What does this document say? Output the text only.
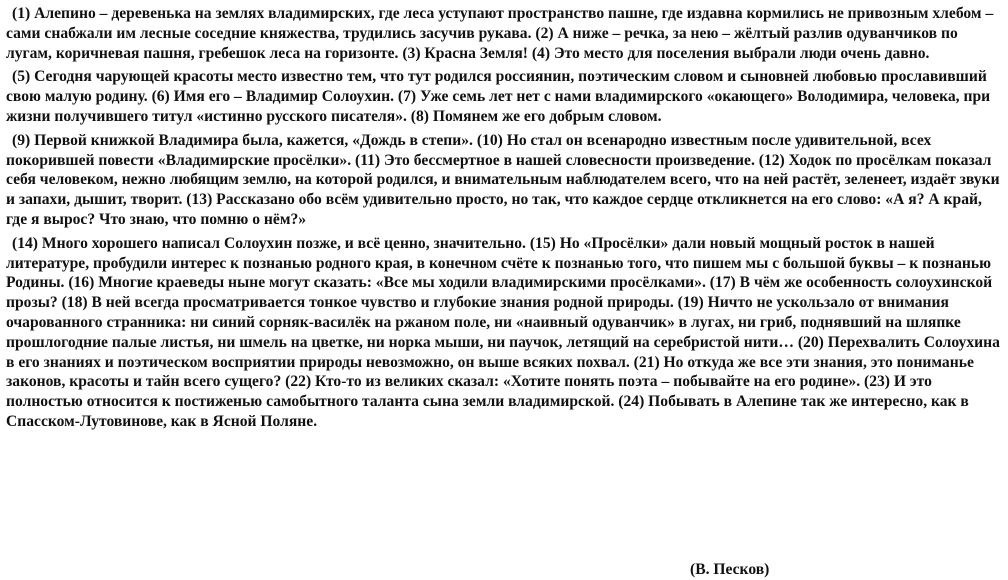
(1) Алепино – деревенька на землях владимирских, где леса уступают пространство пашне, где издавна кормились не привозным хлебом – сами снабжали им лесные соседние княжества, трудились засучив рукава. (2) А ниже – речка, за нею – жёлтый разлив одуванчиков по лугам, коричневая пашня, гребешок леса на горизонте. (3) Красна Земля! (4) Это место для поселения выбрали люди очень давно.

(5) Сегодня чарующей красоты место известно тем, что тут родился россиянин, поэтическим словом и сыновней любовью прославивший свою малую родину. (6) Имя его – Владимир Солоухин. (7) Уже семь лет нет с нами владимирского «окающего» Володимира, человека, при жизни получившего титул «истинно русского писателя». (8) Помянем же его добрым словом.

(9) Первой книжкой Владимира была, кажется, «Дождь в степи». (10) Но стал он всенародно известным после удивительной, всех покорившей повести «Владимирские просёлки». (11) Это бессмертное в нашей словесности произведение. (12) Ходок по просёлкам показал себя человеком, нежно любящим землю, на которой родился, и внимательным наблюдателем всего, что на ней растёт, зеленеет, издаёт звуки и запахи, дышит, творит. (13) Рассказано обо всём удивительно просто, но так, что каждое сердце откликнется на его слово: «А я? А край, где я вырос? Что знаю, что помню о нём?»

(14) Много хорошего написал Солоухин позже, и всё ценно, значительно. (15) Но «Просёлки» дали новый мощный росток в нашей литературе, пробудили интерес к познанью родного края, в конечном счёте к познанью того, что пишем мы с большой буквы – к познанью Родины. (16) Многие краеведы ныне могут сказать: «Все мы ходили владимирскими просёлками». (17) В чём же особенность солоухинской прозы? (18) В ней всегда просматривается тонкое чувство и глубокие знания родной природы. (19) Ничто не ускользало от внимания очарованного странника: ни синий сорняк-василёк на ржаном поле, ни «наивный одуванчик» в лугах, ни гриб, поднявший на шляпке прошлогодние палые листья, ни шмель на цветке, ни норка мыши, ни паучок, летящий на серебристой нити… (20) Перехвалить Солоухина в его знаниях и поэтическом восприятии природы невозможно, он выше всяких похвал. (21) Но откуда же все эти знания, это пониманье законов, красоты и тайн всего сущего? (22) Кто-то из великих сказал: «Хотите понять поэта – побывайте на его родине». (23) И это полностью относится к постиженью самобытного таланта сына земли владимирской. (24) Побывать в Алепине так же интересно, как в Спасском-Лутовинове, как в Ясной Поляне.

(В. Песков)
